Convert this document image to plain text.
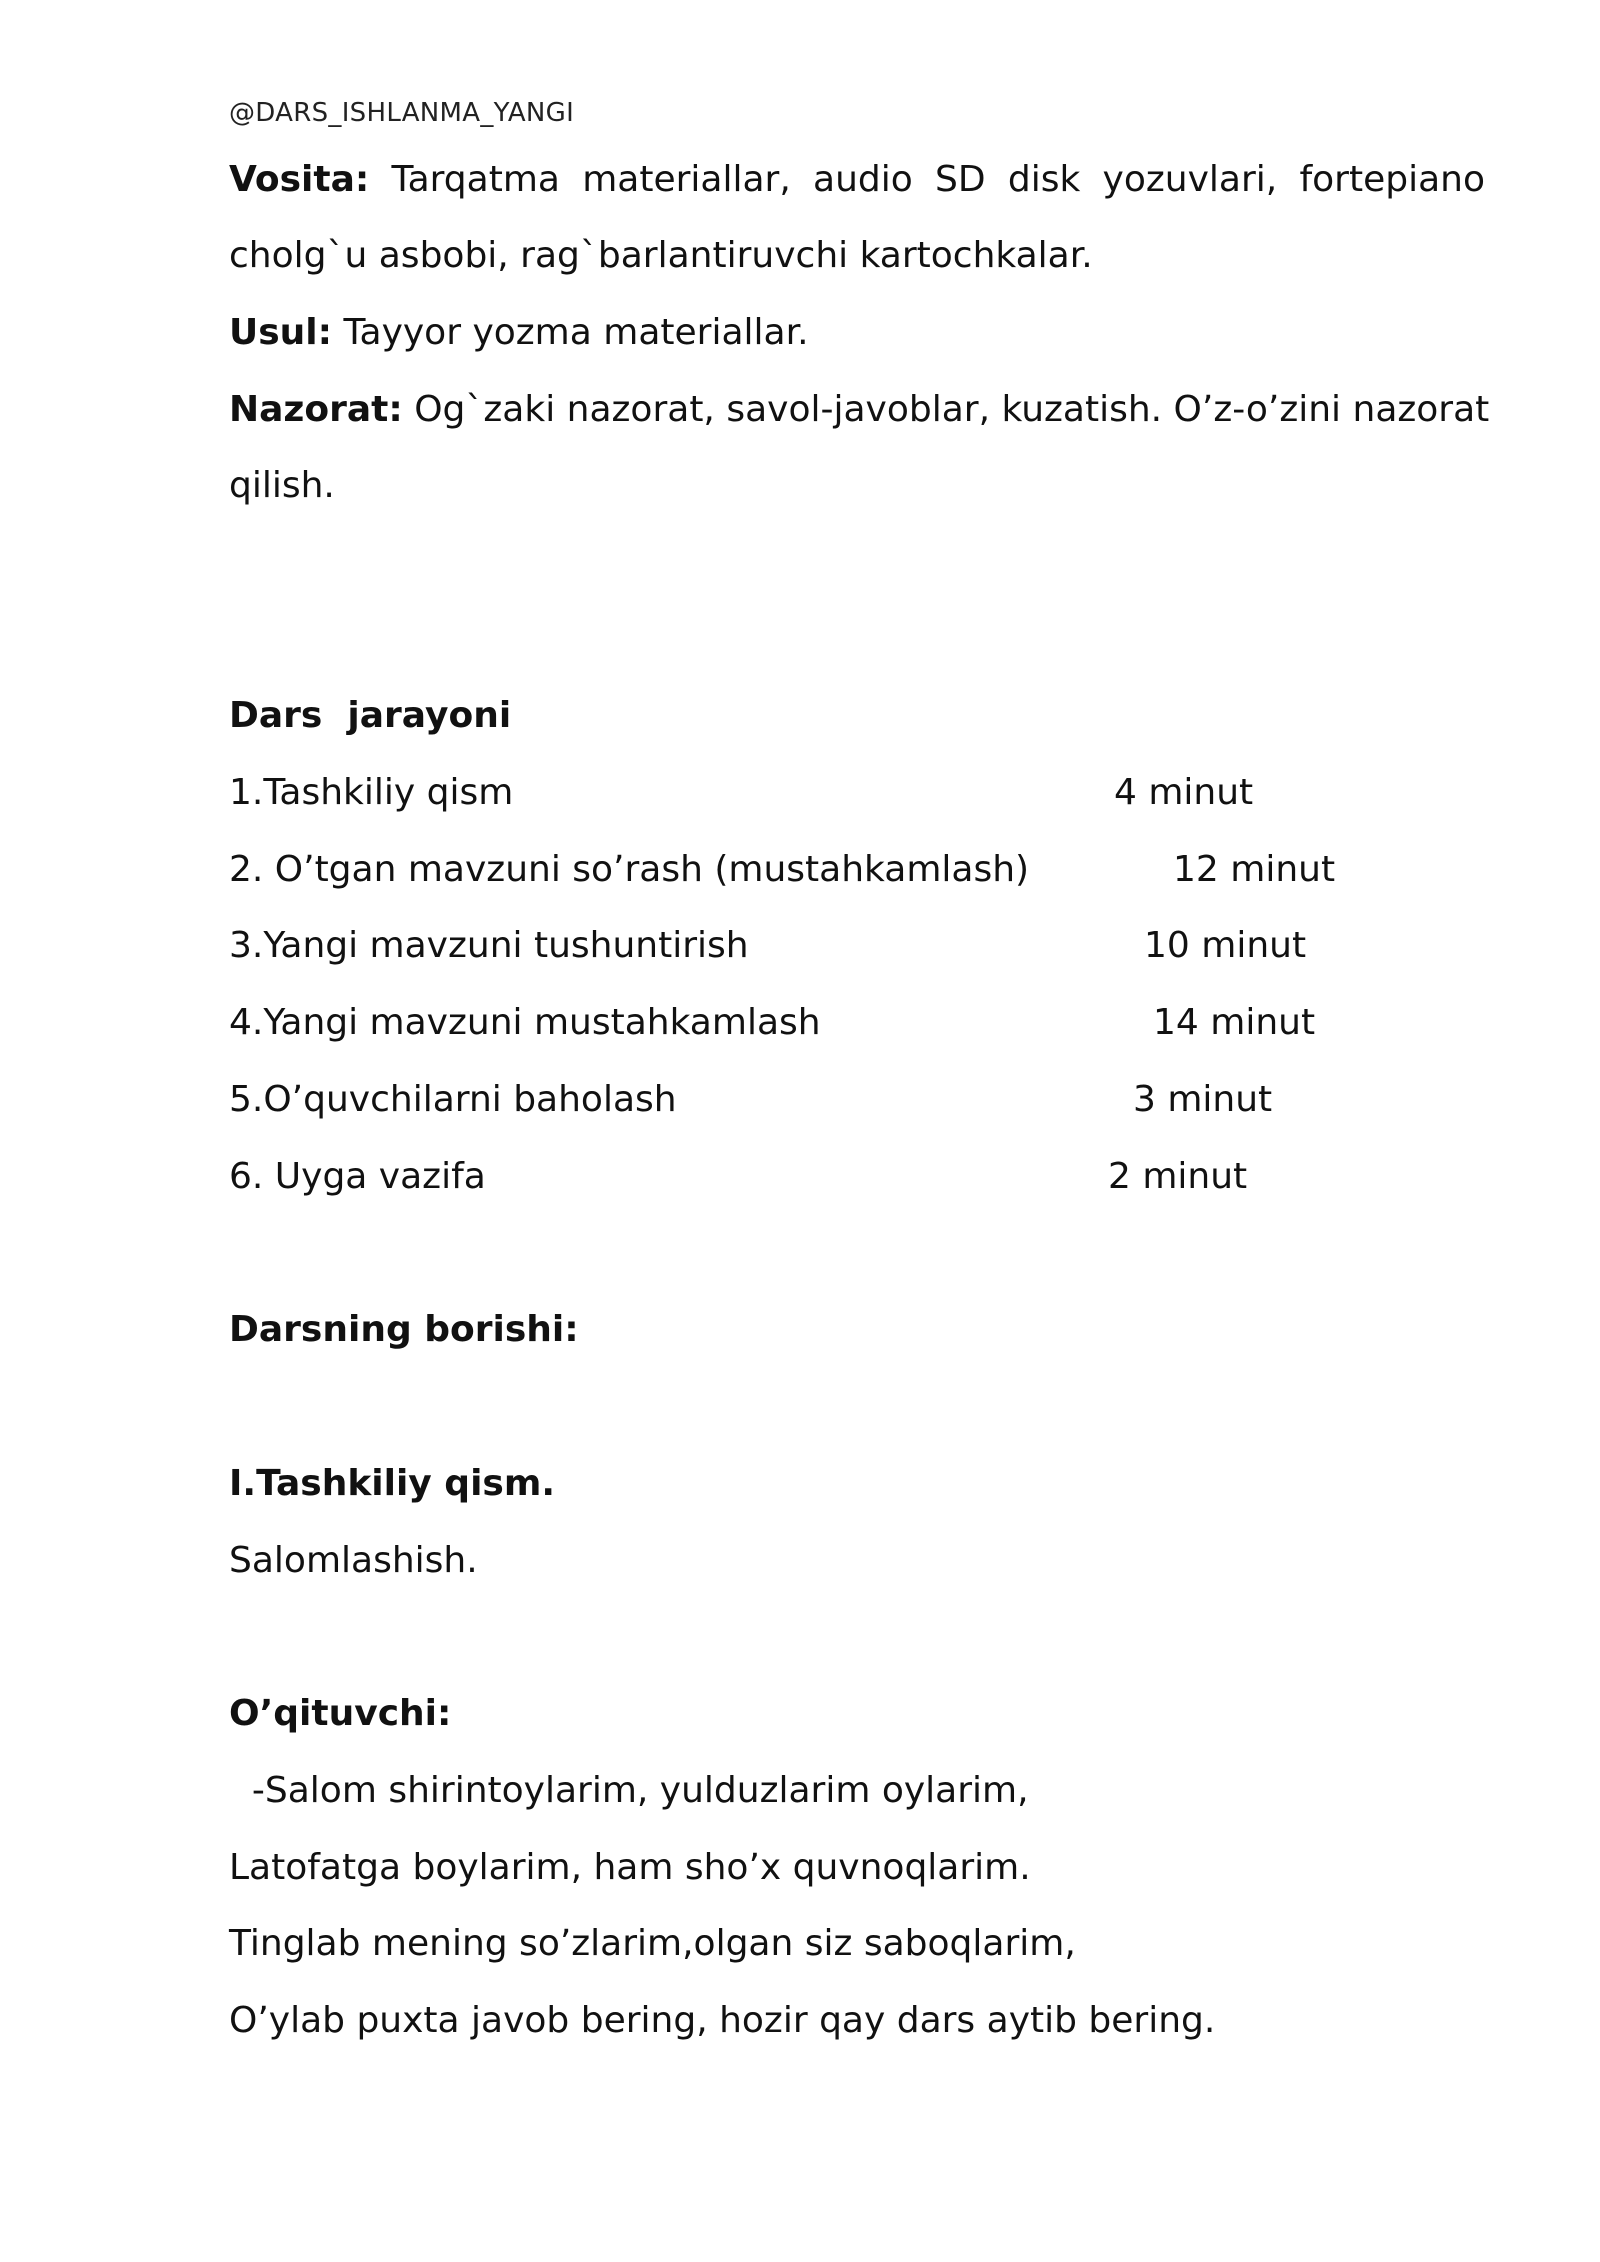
@DARS_ISHLANMA_YANGI
Vosita: Tarqatma materiallar, audio SD disk yozuvlari, fortepiano
cholg`u asbobi, rag`barlantiruvchi kartochkalar.
Usul: Tayyor yozma materiallar.
Nazorat: Og`zaki nazorat, savol-javoblar, kuzatish. O’z-o’zini nazorat
qilish.
Dars  jarayoni
1.Tashkiliy qism	4 minut
2. O’tgan mavzuni so’rash (mustahkamlash)	12 minut
3.Yangi mavzuni tushuntirish	10 minut
4.Yangi mavzuni mustahkamlash	14 minut
5.O’quvchilarni baholash	3 minut
6. Uyga vazifa	2 minut
Darsning borishi:
I.Tashkiliy qism.
Salomlashish.
O’qituvchi:
-Salom shirintoylarim, yulduzlarim oylarim,
Latofatga boylarim, ham sho’x quvnoqlarim.
Tinglab mening so’zlarim,olgan siz saboqlarim,
O’ylab puxta javob bering, hozir qay dars aytib bering.
